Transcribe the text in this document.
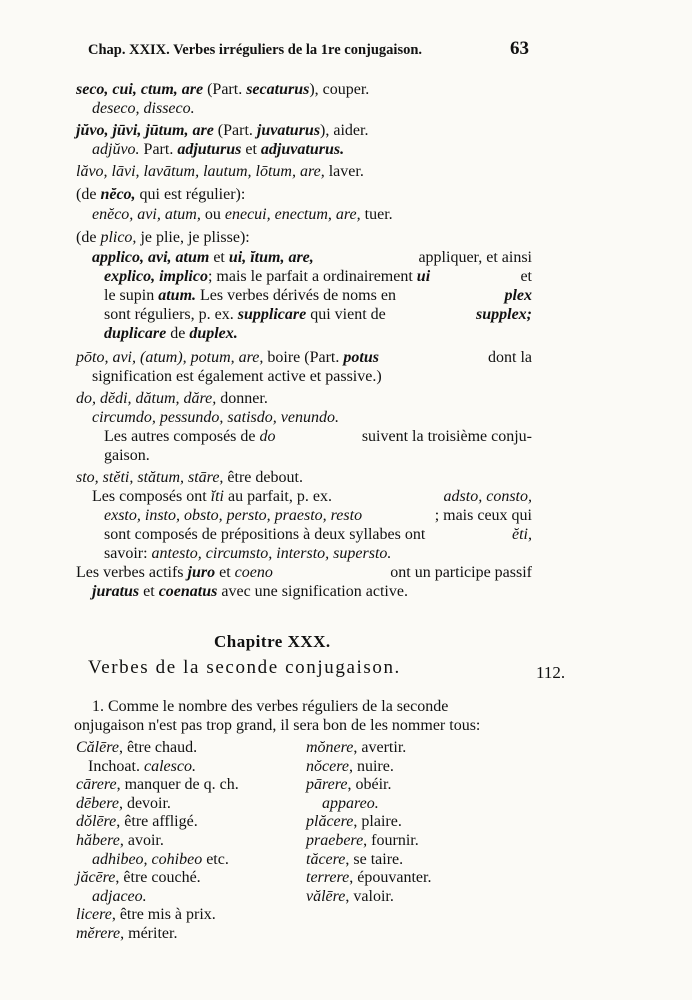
Chap. XXIX. Verbes irréguliers de la 1re conjugaison.	63
seco, cui, ctum, are (Part. secaturus), couper.
deseco, disseco.
jŭvo, jūvi, jūtum, are (Part. juvaturus), aider.
adjŭvo. Part. adjuturus et adjuvaturus.
lăvo, lāvi, lavātum, lautum, lōtum, are, laver.
(de nĕco, qui est régulier):
enĕco, avi, atum, ou enecui, enectum, are, tuer.
(de plico, je plie, je plisse):
applico, avi, atum et ui, ĭtum, are,	appliquer, et ainsi
explico, implico; mais le parfait a ordinairement ui	et
le supin atum. Les verbes dérivés de noms en	plex
sont réguliers, p. ex. supplicare qui vient de	supplex;
duplicare de duplex.
pōto, avi, (atum), potum, are, boire (Part. potus	dont la
signification est également active et passive.)
do, dĕdi, dătum, dăre, donner.
circumdo, pessundo, satisdo, venundo.
Les autres composés de do	suivent la troisième conju-
gaison.
sto, stĕti, stătum, stāre, être debout.
Les composés ont ĭti au parfait, p. ex.	adsto, consto,
exsto, insto, obsto, persto, praesto, resto	; mais ceux qui
sont composés de prépositions à deux syllabes ont	ĕti,
savoir: antesto, circumsto, intersto, supersto.
Les verbes actifs juro et coeno	ont un participe passif
juratus et coenatus avec une signification active.
Chapitre XXX.
Verbes de la seconde conjugaison.	112.
1. Comme le nombre des verbes réguliers de la seconde
onjugaison n'est pas trop grand, il sera bon de les nommer tous:
Călēre, être chaud.
Inchoat. calesco.
cārere, manquer de q. ch.
dēbere, devoir.
dŏlēre, être affligé.
hăbere, avoir.
adhibeo, cohibeo etc.
jăcēre, être couché.
adjaceo.
licere, être mis à prix.
mĕrere, mériter.
mŏnere, avertir.
nŏcere, nuire.
pārere, obéir.
appareo.
plăcere, plaire.
praebere, fournir.
tăcere, se taire.
terrere, épouvanter.
vălēre, valoir.
